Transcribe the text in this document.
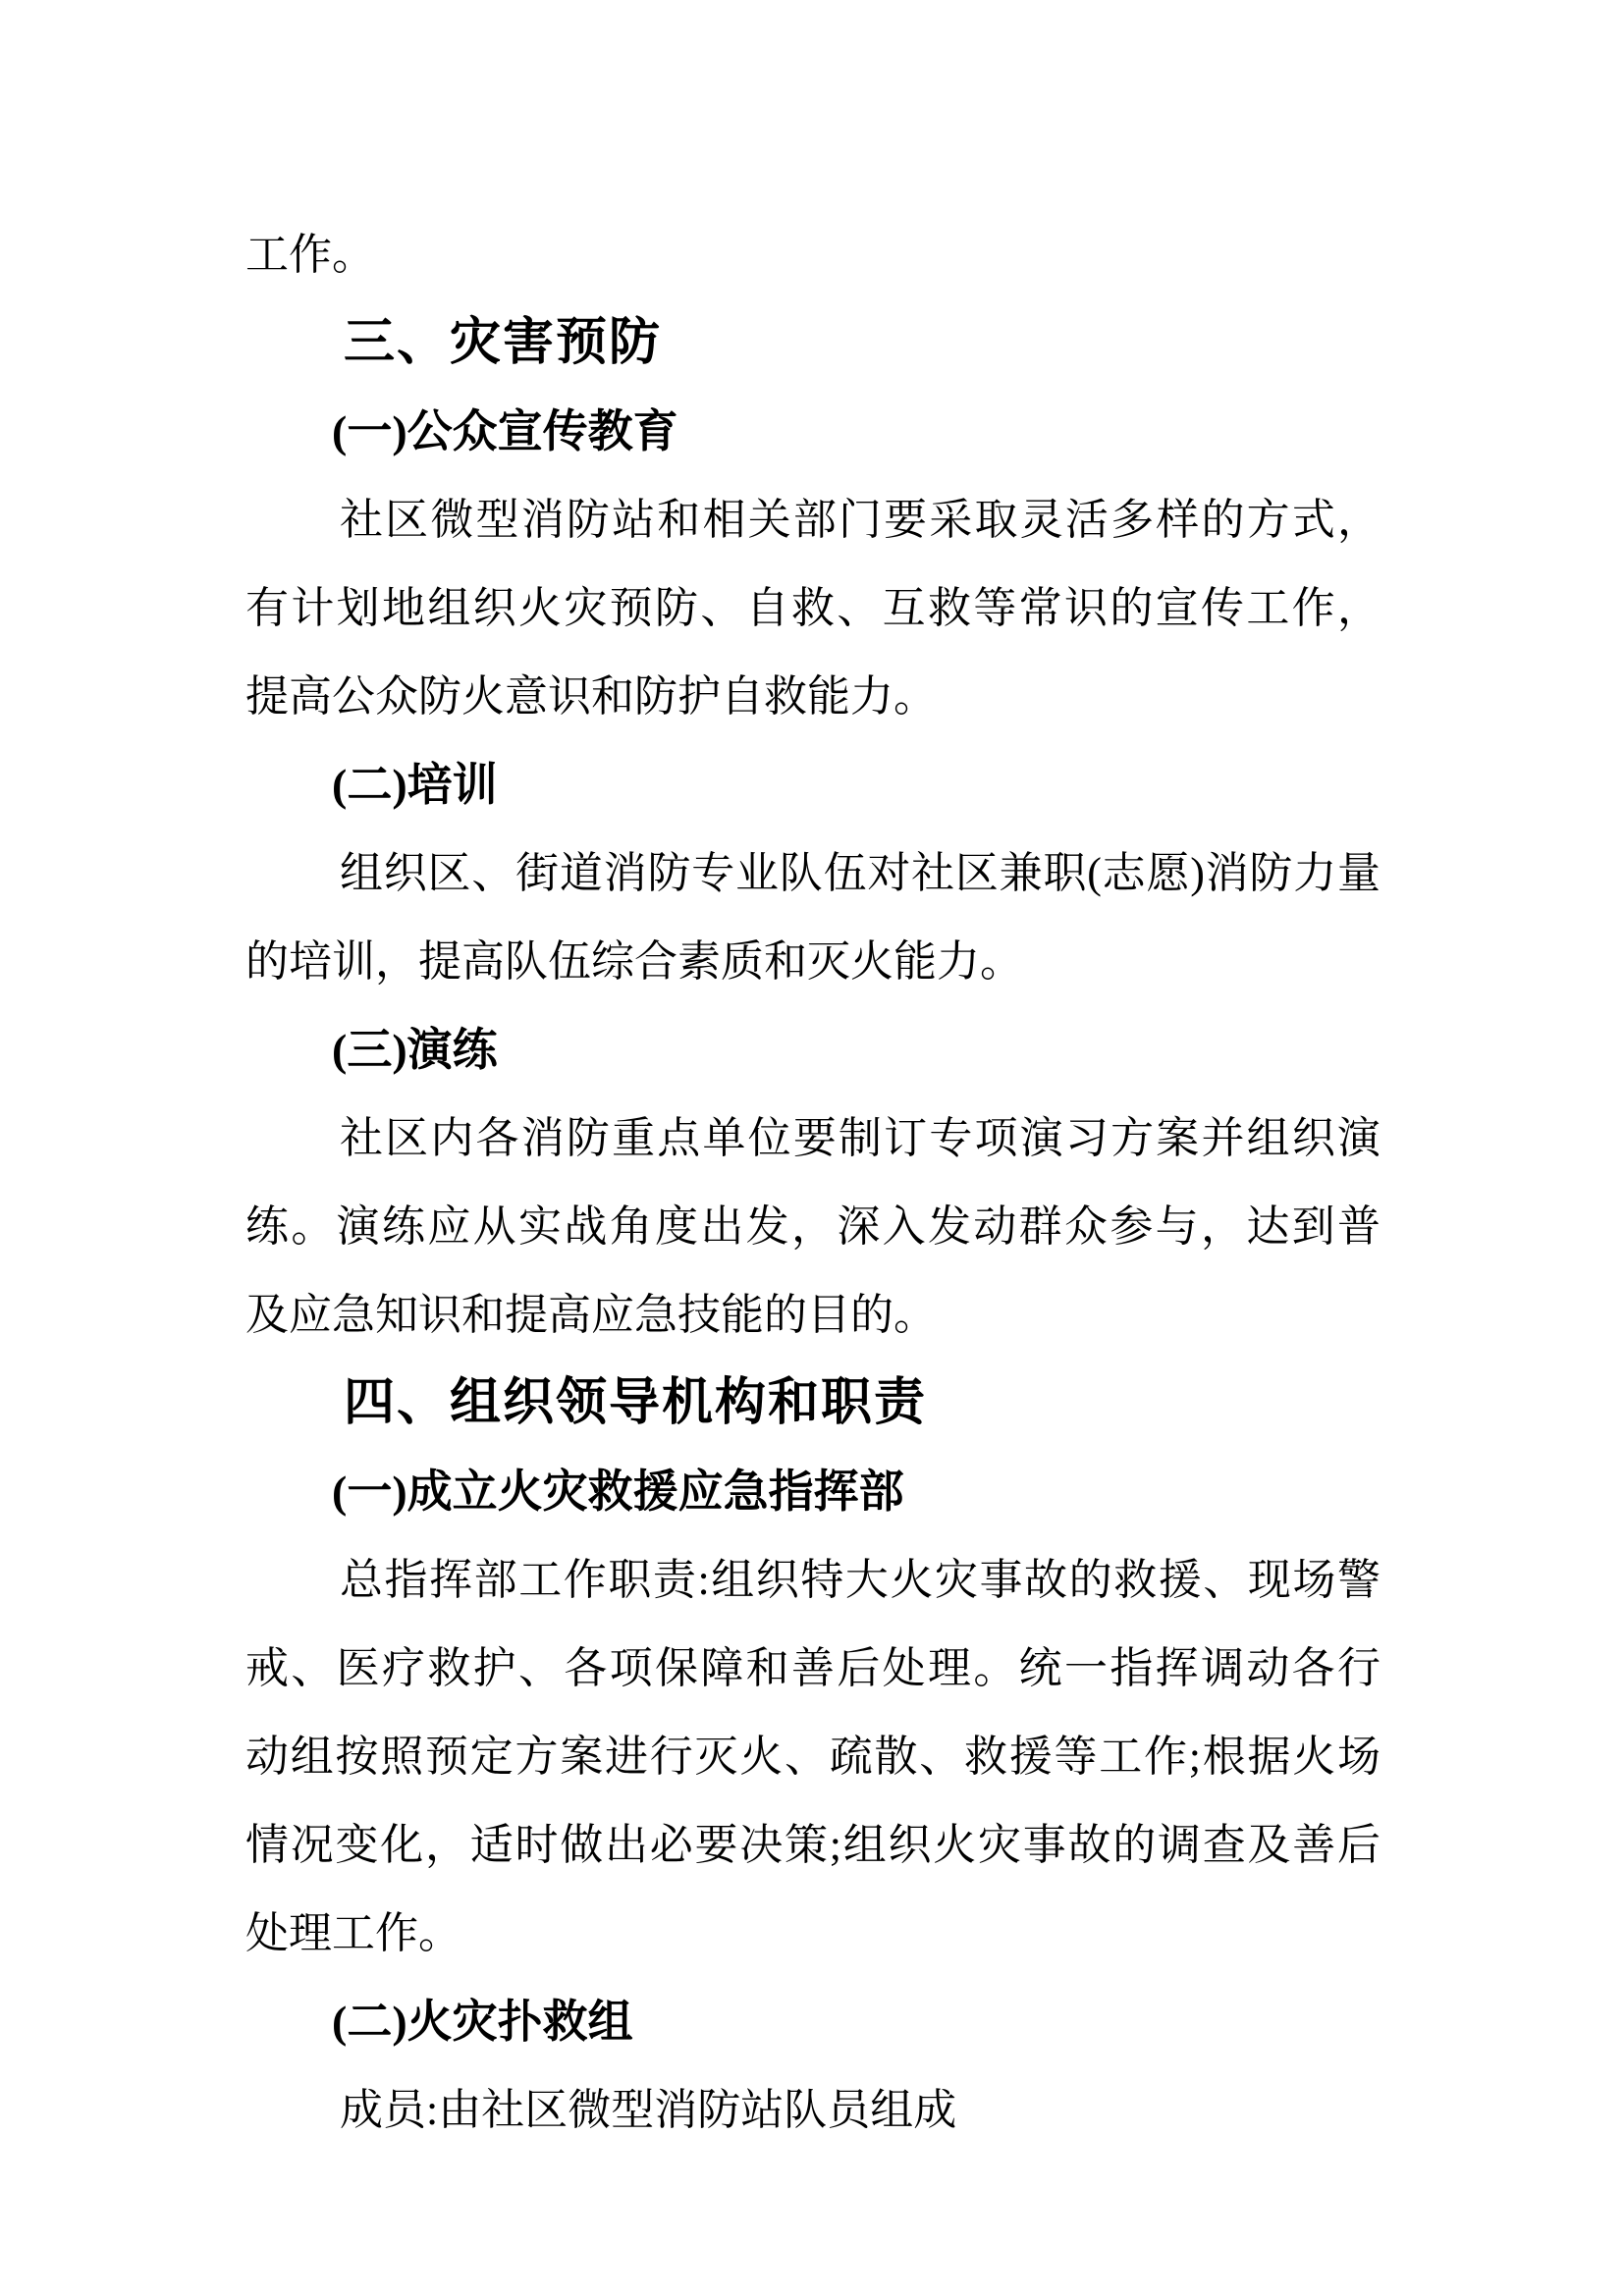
工作。
三、灾害预防
(一)公众宣传教育
社区微型消防站和相关部门要采取灵活多样的方式，
有计划地组织火灾预防、自救、互救等常识的宣传工作，
提高公众防火意识和防护自救能力。
(二)培训
组织区、街道消防专业队伍对社区兼职(志愿)消防力量
的培训，提高队伍综合素质和灭火能力。
(三)演练
社区内各消防重点单位要制订专项演习方案并组织演
练。演练应从实战角度出发，深入发动群众参与，达到普
及应急知识和提高应急技能的目的。
四、组织领导机构和职责
(一)成立火灾救援应急指挥部
总指挥部工作职责:组织特大火灾事故的救援、现场警
戒、医疗救护、各项保障和善后处理。统一指挥调动各行
动组按照预定方案进行灭火、疏散、救援等工作;根据火场
情况变化，适时做出必要决策;组织火灾事故的调查及善后
处理工作。
(二)火灾扑救组
成员:由社区微型消防站队员组成
